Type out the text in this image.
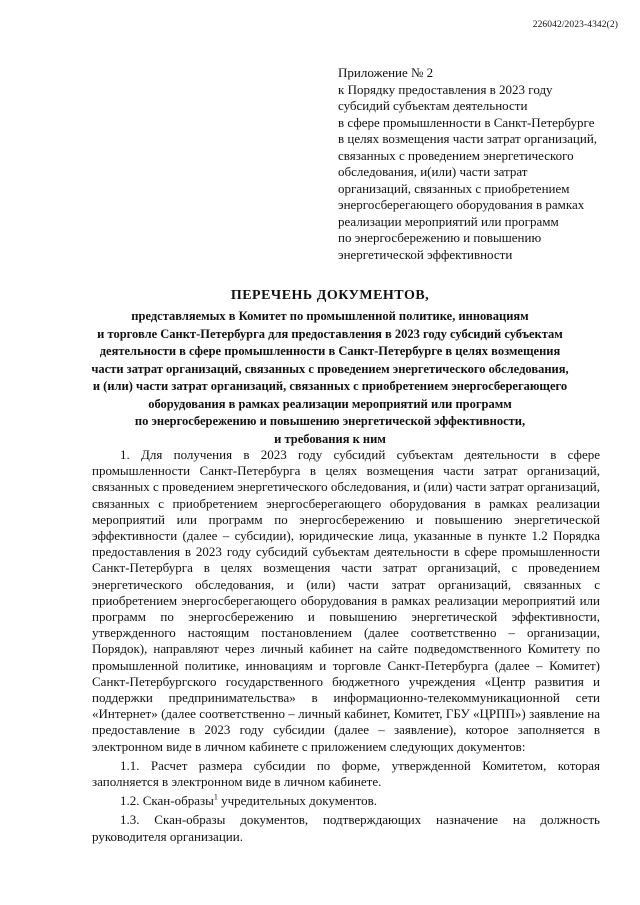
226042/2023-4342(2)
Приложение № 2
к Порядку предоставления в 2023 году
субсидий субъектам деятельности
в сфере промышленности в Санкт-Петербурге
в целях возмещения части затрат организаций,
связанных с проведением энергетического
обследования, и(или) части затрат
организаций, связанных с приобретением
энергосберегающего оборудования в рамках
реализации мероприятий или программ
по энергосбережению и повышению
энергетической эффективности
ПЕРЕЧЕНЬ ДОКУМЕНТОВ,
представляемых в Комитет по промышленной политике, инновациям
и торговле Санкт-Петербурга для предоставления в 2023 году субсидий субъектам
деятельности в сфере промышленности в Санкт-Петербурге в целях возмещения
части затрат организаций, связанных с проведением энергетического обследования,
и (или) части затрат организаций, связанных с приобретением энергосберегающего
оборудования в рамках реализации мероприятий или программ
по энергосбережению и повышению энергетической эффективности,
и требования к ним

1. Для получения в 2023 году субсидий субъектам деятельности в сфере промышленности Санкт-Петербурга в целях возмещения части затрат организаций, связанных с проведением энергетического обследования, и (или) части затрат организаций, связанных с приобретением энергосберегающего оборудования в рамках реализации мероприятий или программ по энергосбережению и повышению энергетической эффективности (далее – субсидии), юридические лица, указанные в пункте 1.2 Порядка предоставления в 2023 году субсидий субъектам деятельности в сфере промышленности Санкт-Петербурга в целях возмещения части затрат организаций, с проведением энергетического обследования, и (или) части затрат организаций, связанных с приобретением энергосберегающего оборудования в рамках реализации мероприятий или программ по энергосбережению и повышению энергетической эффективности, утвержденного настоящим постановлением (далее соответственно – организации, Порядок), направляют через личный кабинет на сайте подведомственного Комитету по промышленной политике, инновациям и торговле Санкт-Петербурга (далее – Комитет) Санкт-Петербургского государственного бюджетного учреждения «Центр развития и поддержки предпринимательства» в информационно-телекоммуникационной сети «Интернет» (далее соответственно – личный кабинет, Комитет, ГБУ «ЦРПП») заявление на предоставление в 2023 году субсидии (далее – заявление), которое заполняется в электронном виде в личном кабинете с приложением следующих документов:

1.1. Расчет размера субсидии по форме, утвержденной Комитетом, которая заполняется в электронном виде в личном кабинете.

1.2. Скан-образы$^1$ учредительных документов.

1.3. Скан-образы документов, подтверждающих назначение на должность руководителя организации.
